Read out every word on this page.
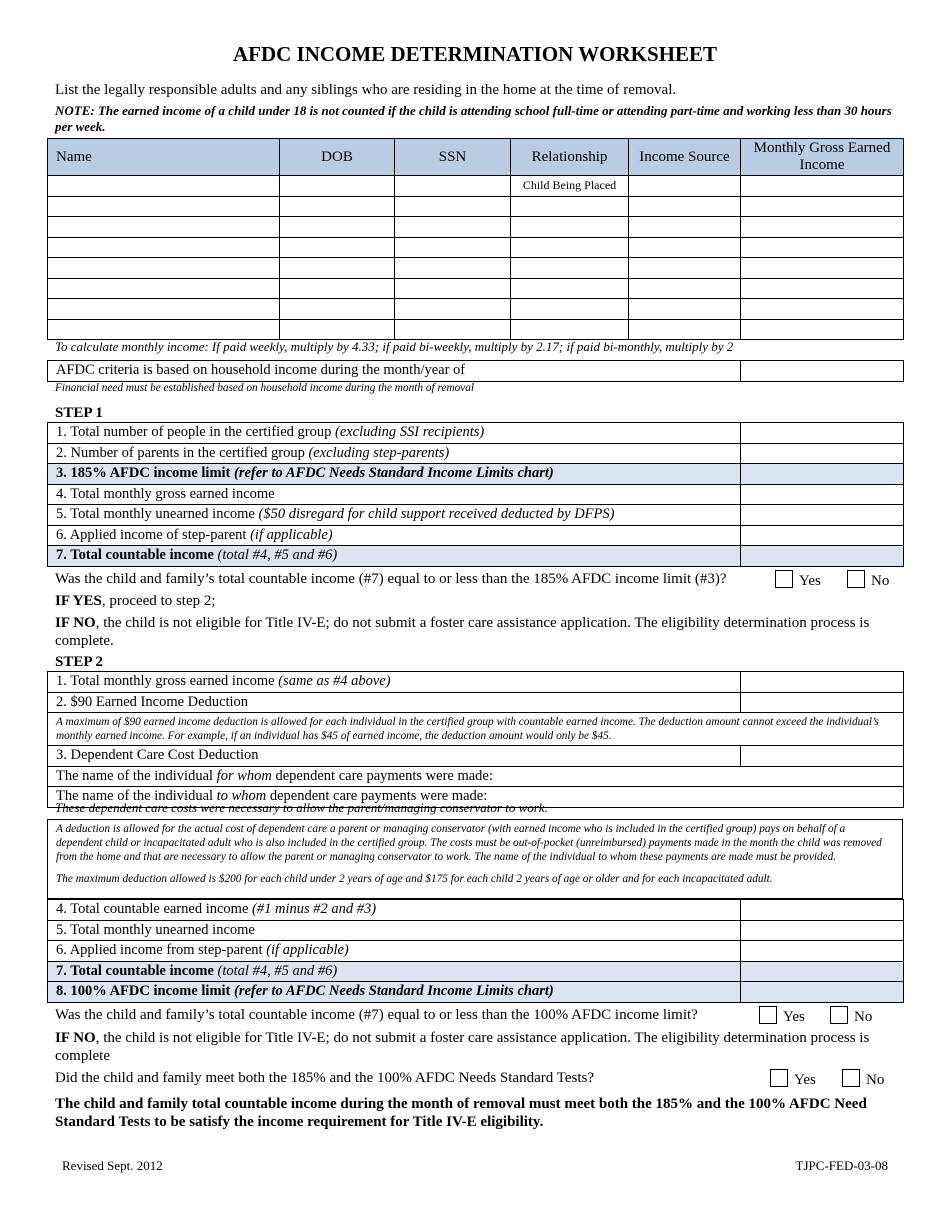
AFDC INCOME DETERMINATION WORKSHEET
List the legally responsible adults and any siblings who are residing in the home at the time of removal.
NOTE: The earned income of a child under 18 is not counted if the child is attending school full-time or attending part-time and working less than 30 hours per week.
Name	DOB	SSN	Relationship	Income Source	Monthly Gross Earned Income
			Child Being Placed		

To calculate monthly income: If paid weekly, multiply by 4.33; if paid bi-weekly, multiply by 2.17; if paid bi-monthly, multiply by 2
AFDC criteria is based on household income during the month/year of	
Financial need must be established based on household income during the month of removal
STEP 1
1. Total number of people in the certified group (excluding SSI recipients)	
2. Number of parents in the certified group (excluding step-parents)	
3. 185% AFDC income limit (refer to AFDC Needs Standard Income Limits chart)	
4. Total monthly gross earned income	
5. Total monthly unearned income ($50 disregard for child support received deducted by DFPS)	
6. Applied income of step-parent (if applicable)	
7. Total countable income (total #4, #5 and #6)	
Was the child and family’s total countable income (#7) equal to or less than the 185% AFDC income limit (#3)?	Yes	No
IF YES, proceed to step 2;
IF NO, the child is not eligible for Title IV-E; do not submit a foster care assistance application. The eligibility determination process is complete.
STEP 2
1. Total monthly gross earned income (same as #4 above)	
2. $90 Earned Income Deduction	
A maximum of $90 earned income deduction is allowed for each individual in the certified group with countable earned income. The deduction amount cannot exceed the individual’s monthly earned income. For example, if an individual has $45 of earned income, the deduction amount would only be $45.	
3. Dependent Care Cost Deduction	
The name of the individual for whom dependent care payments were made:	
The name of the individual to whom dependent care payments were made:	
These dependent care costs were necessary to allow the parent/managing conservator to work.
A deduction is allowed for the actual cost of dependent care a parent or managing conservator (with earned income who is included in the certified group) pays on behalf of a dependent child or incapacitated adult who is also included in the certified group. The costs must be out-of-pocket (unreimbursed) payments made in the month the child was removed from the home and that are necessary to allow the parent or managing conservator to work. The name of the individual to whom these payments are made must be provided.
The maximum deduction allowed is $200 for each child under 2 years of age and $175 for each child 2 years of age or older and for each incapacitated adult.
4. Total countable earned income (#1 minus #2 and #3)	
5. Total monthly unearned income	
6. Applied income from step-parent (if applicable)	
7. Total countable income (total #4, #5 and #6)	
8. 100% AFDC income limit (refer to AFDC Needs Standard Income Limits chart)	
Was the child and family’s total countable income (#7) equal to or less than the 100% AFDC income limit?	Yes	No
IF NO, the child is not eligible for Title IV-E; do not submit a foster care assistance application. The eligibility determination process is complete
Did the child and family meet both the 185% and the 100% AFDC Needs Standard Tests?	Yes	No
The child and family total countable income during the month of removal must meet both the 185% and the 100% AFDC Need Standard Tests to be satisfy the income requirement for Title IV-E eligibility.
Revised Sept. 2012	TJPC-FED-03-08
